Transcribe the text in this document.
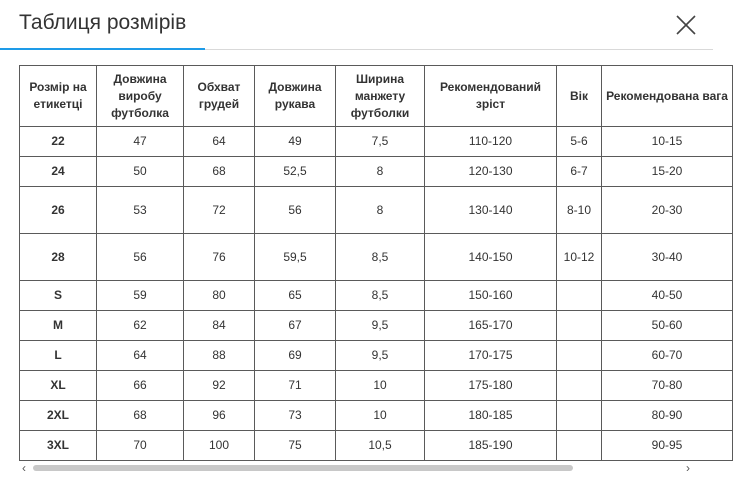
Таблиця розмірів
Розмір на етикетці	Довжина виробу футболка	Обхват грудей	Довжина рукава	Ширина манжету футболки	Рекомендований зріст	Вік	Рекомендована вага
22	47	64	49	7,5	110-120	5-6	10-15
24	50	68	52,5	8	120-130	6-7	15-20
26	53	72	56	8	130-140	8-10	20-30
28	56	76	59,5	8,5	140-150	10-12	30-40
S	59	80	65	8,5	150-160		40-50
M	62	84	67	9,5	165-170		50-60
L	64	88	69	9,5	170-175		60-70
XL	66	92	71	10	175-180		70-80
2XL	68	96	73	10	180-185		80-90
3XL	70	100	75	10,5	185-190		90-95
‹	›
